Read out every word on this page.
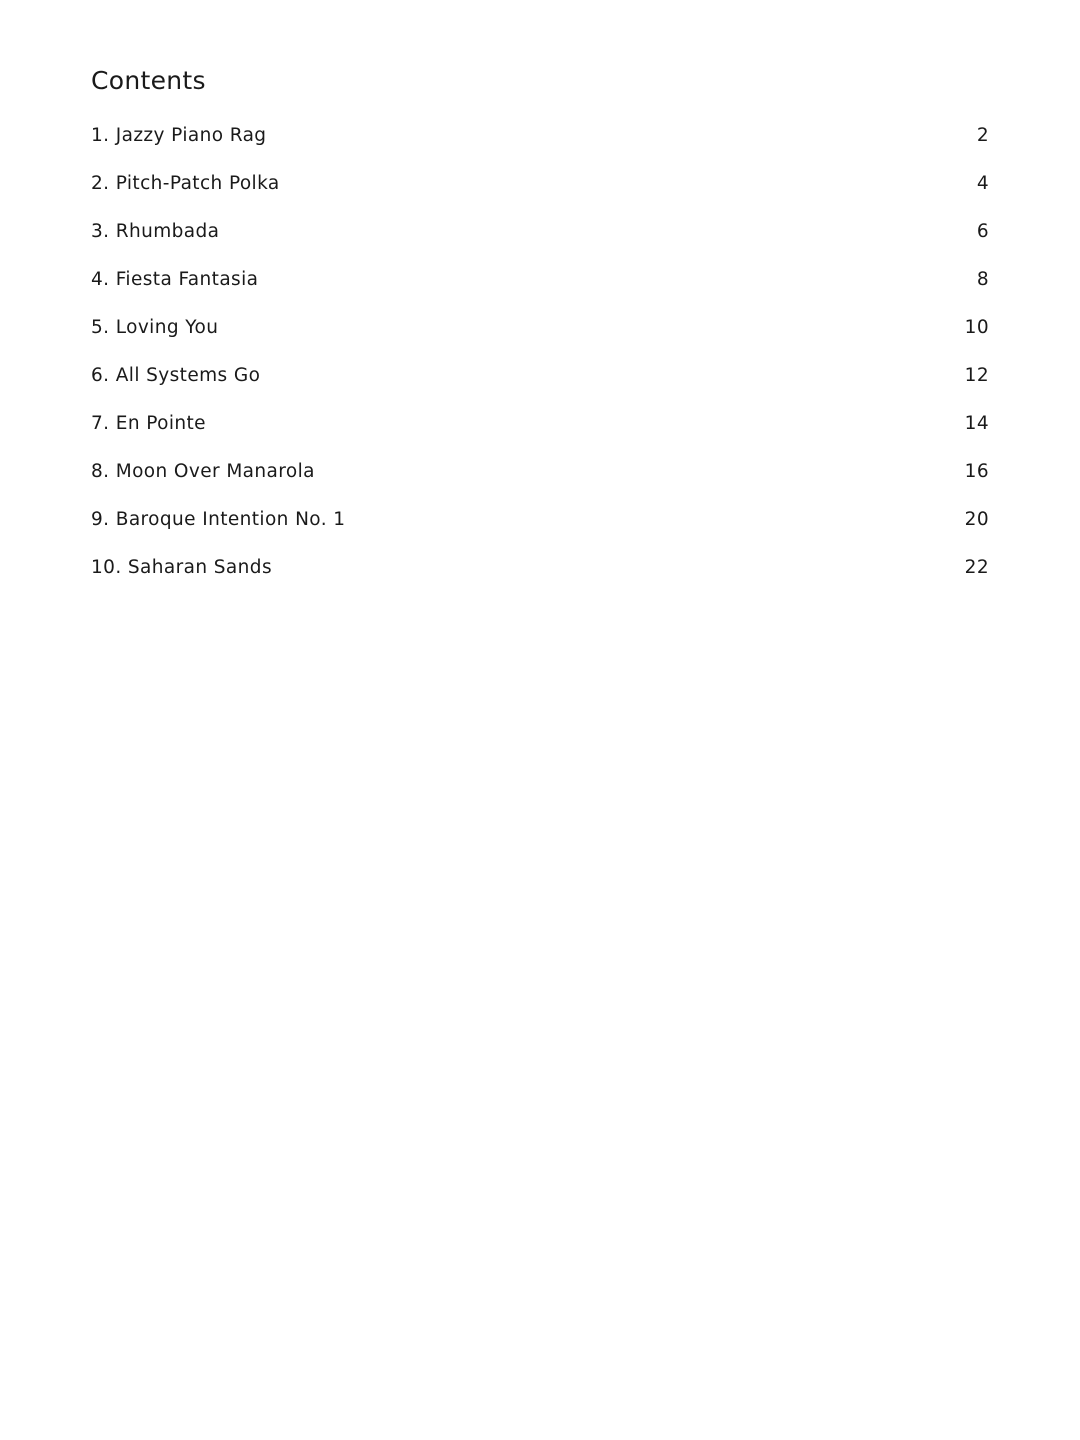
Contents
1. Jazzy Piano Rag	2
2. Pitch-Patch Polka	4
3. Rhumbada	6
4. Fiesta Fantasia	8
5. Loving You	10
6. All Systems Go	12
7. En Pointe	14
8. Moon Over Manarola	16
9. Baroque Intention No. 1	20
10. Saharan Sands	22
